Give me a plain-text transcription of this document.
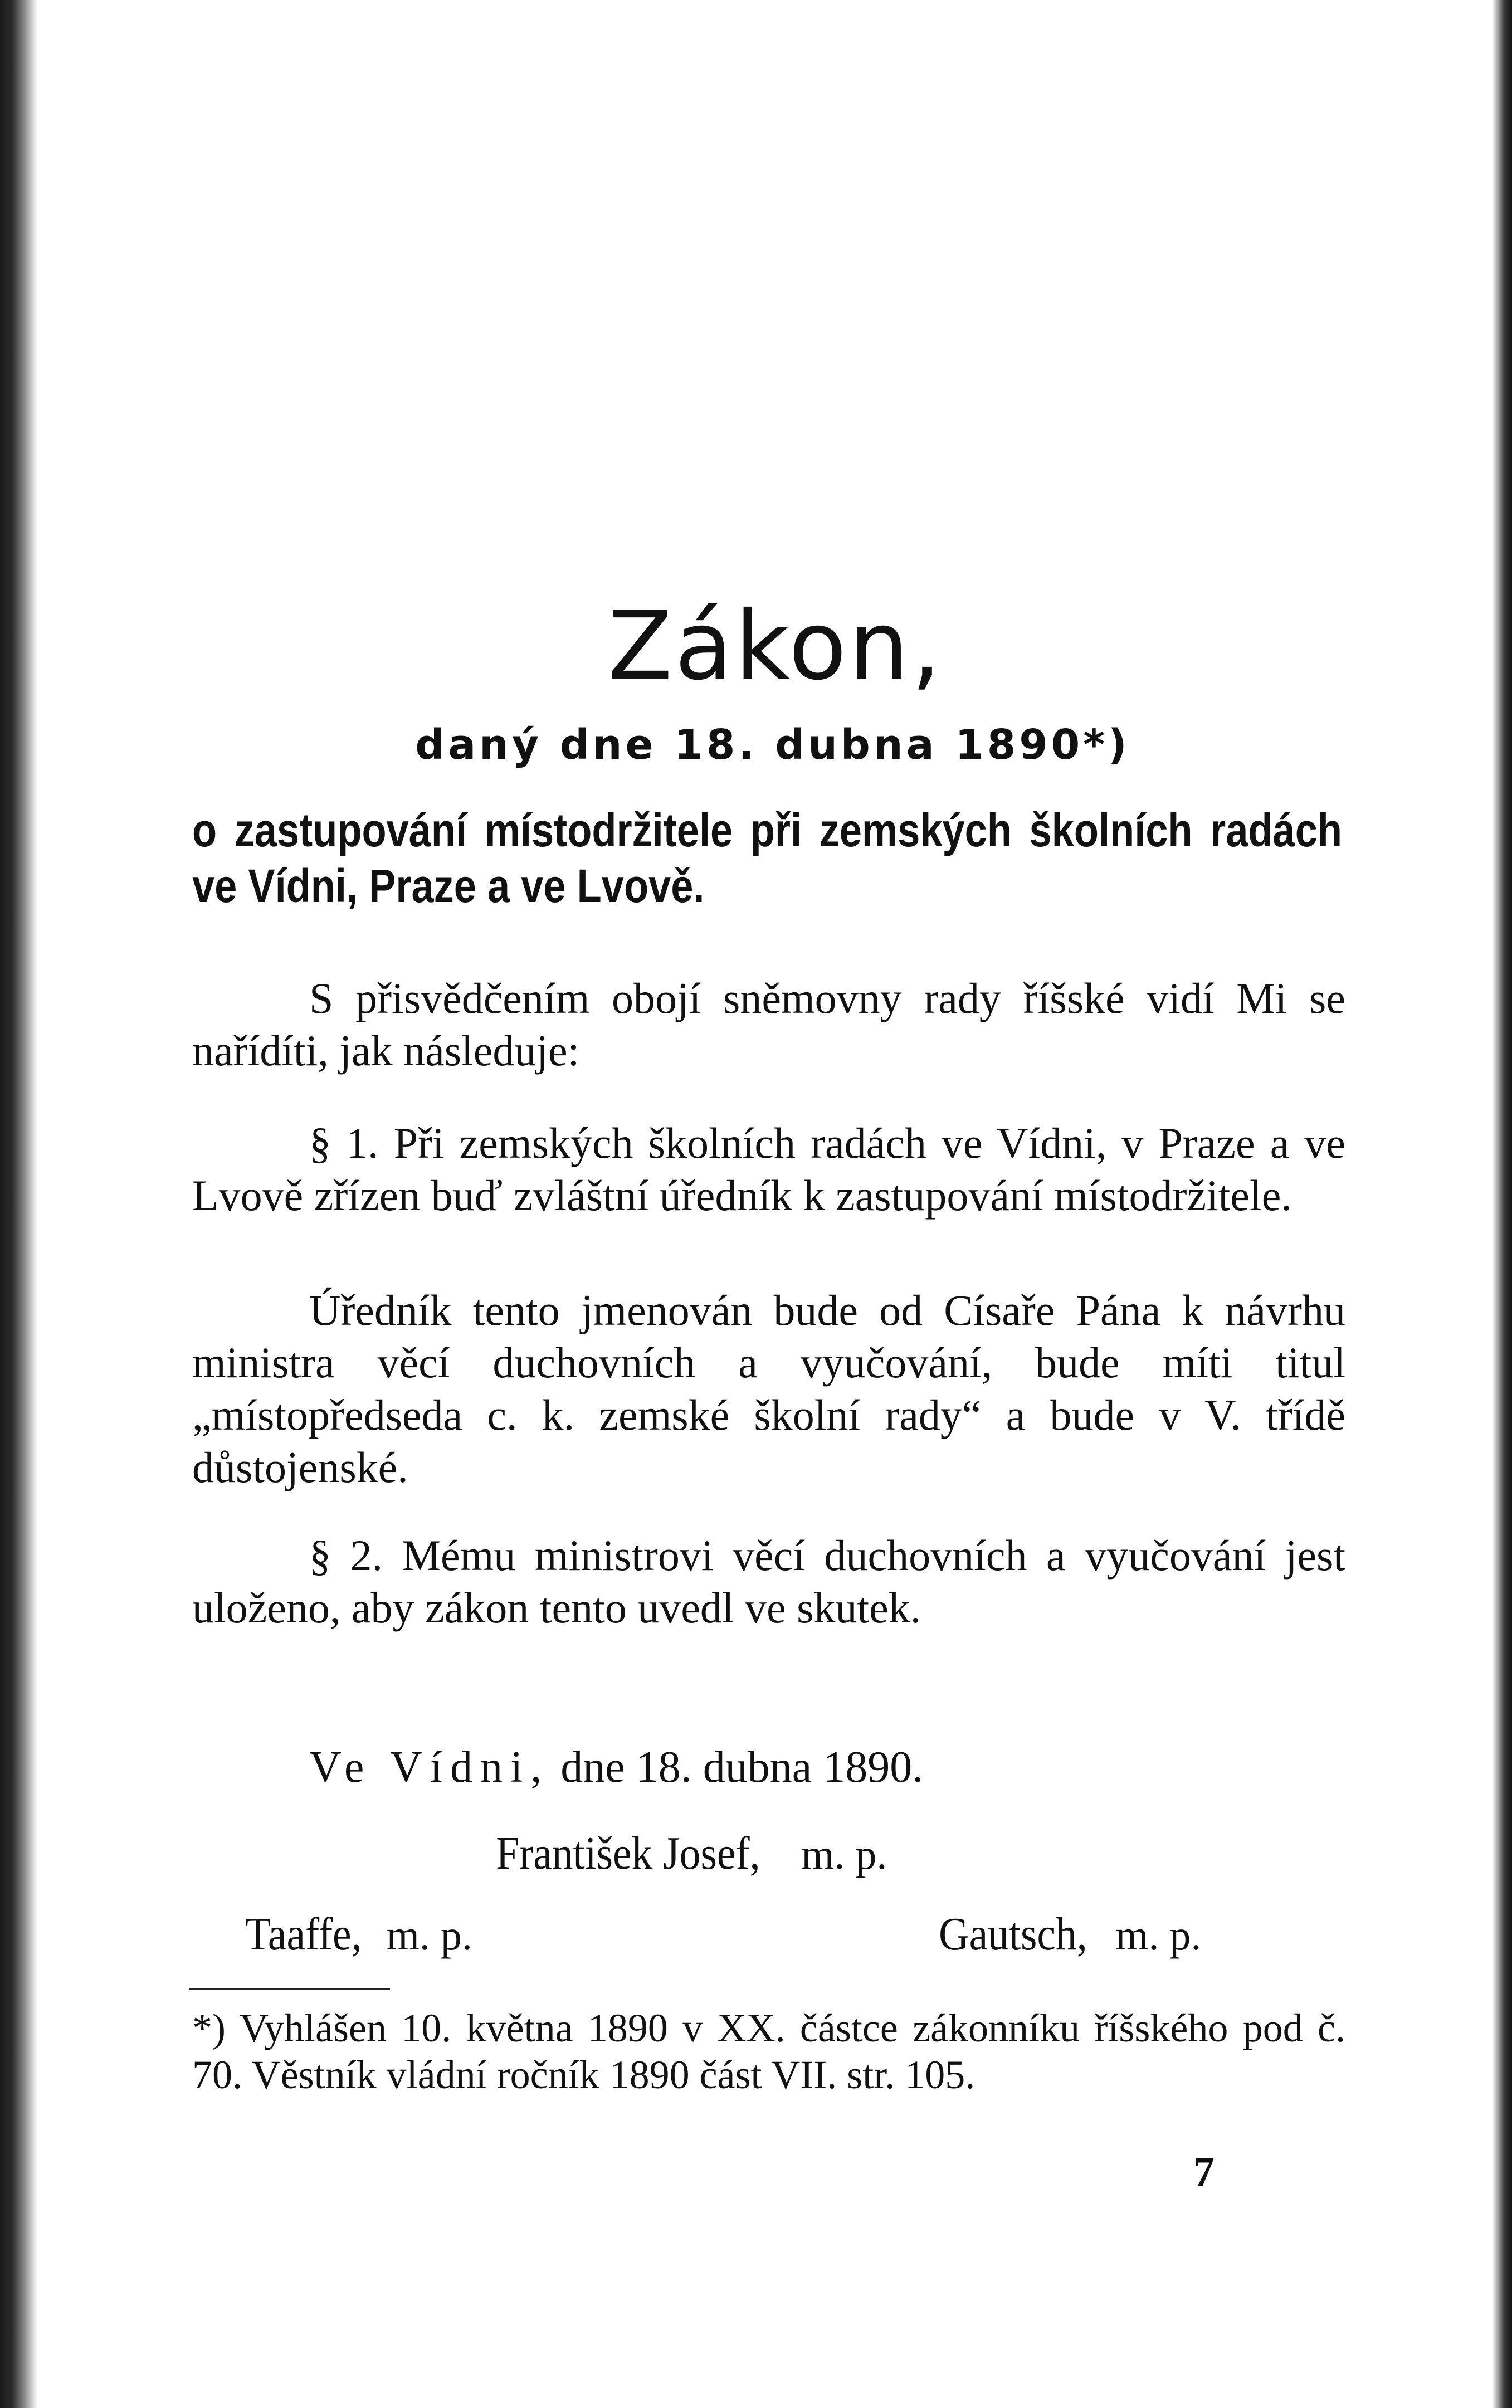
Zákon,
daný dne 18. dubna 1890*)
o zastupování místodržitele při zemských školních radách ve Vídni, Praze a ve Lvově.

S přisvědčením obojí sněmovny rady říšské vidí Mi se nařídíti, jak následuje:

§ 1. Při zemských školních radách ve Vídni, v Praze a ve Lvově zřízen buď zvláštní úředník k zastupování místodržitele.

Úředník tento jmenován bude od Císaře Pána k návrhu ministra věcí duchovních a vyučování, bude míti titul „místopředseda c. k. zemské školní rady“ a bude v V. třídě důstojenské.

§ 2. Mému ministrovi věcí duchovních a vyučování jest uloženo, aby zákon tento uvedl ve skutek.

Ve Vídni, dne 18. dubna 1890.
František Josef, m. p.
Taaffe, m. p.	Gautsch, m. p.

*) Vyhlášen 10. května 1890 v XX. částce zákonníku říšského pod č. 70. Věstník vládní ročník 1890 část VII. str. 105.

7
